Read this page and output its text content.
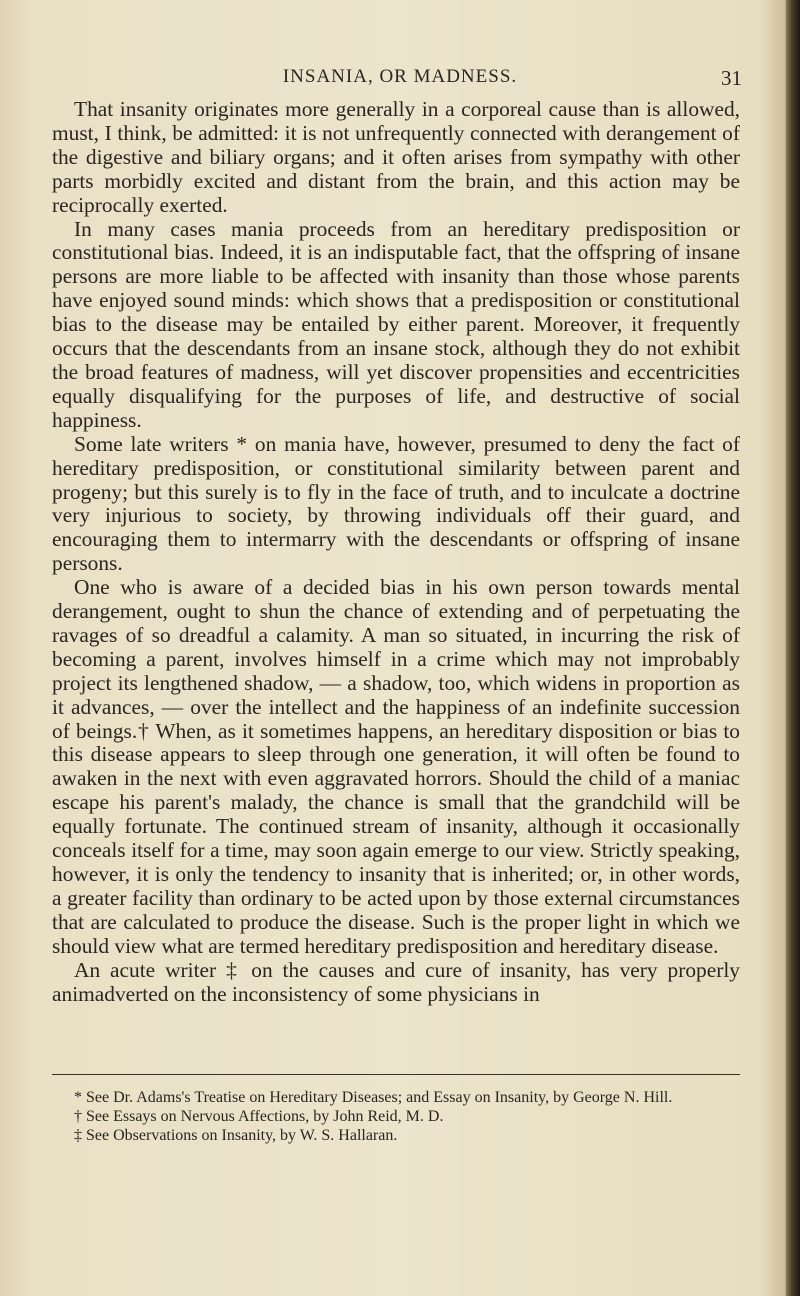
INSANIA, OR MADNESS.	31

That insanity originates more generally in a corporeal cause than is allowed, must, I think, be admitted: it is not unfrequently connected with derangement of the digestive and biliary organs; and it often arises from sympathy with other parts morbidly excited and distant from the brain, and this action may be reciprocally exerted.

In many cases mania proceeds from an hereditary predisposition or constitutional bias. Indeed, it is an indisputable fact, that the offspring of insane persons are more liable to be affected with insanity than those whose parents have enjoyed sound minds: which shows that a predisposition or constitutional bias to the disease may be entailed by either parent. Moreover, it frequently occurs that the descendants from an insane stock, although they do not exhibit the broad features of madness, will yet discover propensities and eccentricities equally disqualifying for the purposes of life, and destructive of social happiness.

Some late writers * on mania have, however, presumed to deny the fact of hereditary predisposition, or constitutional similarity between parent and progeny; but this surely is to fly in the face of truth, and to inculcate a doctrine very injurious to society, by throwing individuals off their guard, and encouraging them to intermarry with the descendants or offspring of insane persons.

One who is aware of a decided bias in his own person towards mental derangement, ought to shun the chance of extending and of perpetuating the ravages of so dreadful a calamity. A man so situated, in incurring the risk of becoming a parent, involves himself in a crime which may not improbably project its lengthened shadow, — a shadow, too, which widens in proportion as it advances, — over the intellect and the happiness of an indefinite succession of beings.† When, as it sometimes happens, an hereditary disposition or bias to this disease appears to sleep through one generation, it will often be found to awaken in the next with even aggravated horrors. Should the child of a maniac escape his parent's malady, the chance is small that the grandchild will be equally fortunate. The continued stream of insanity, although it occasionally conceals itself for a time, may soon again emerge to our view. Strictly speaking, however, it is only the tendency to insanity that is inherited; or, in other words, a greater facility than ordinary to be acted upon by those external circumstances that are calculated to produce the disease. Such is the proper light in which we should view what are termed hereditary predisposition and hereditary disease.

An acute writer ‡ on the causes and cure of insanity, has very properly animadverted on the inconsistency of some physicians in

* See Dr. Adams's Treatise on Hereditary Diseases; and Essay on Insanity, by George N. Hill.

† See Essays on Nervous Affections, by John Reid, M. D.

‡ See Observations on Insanity, by W. S. Hallaran.
